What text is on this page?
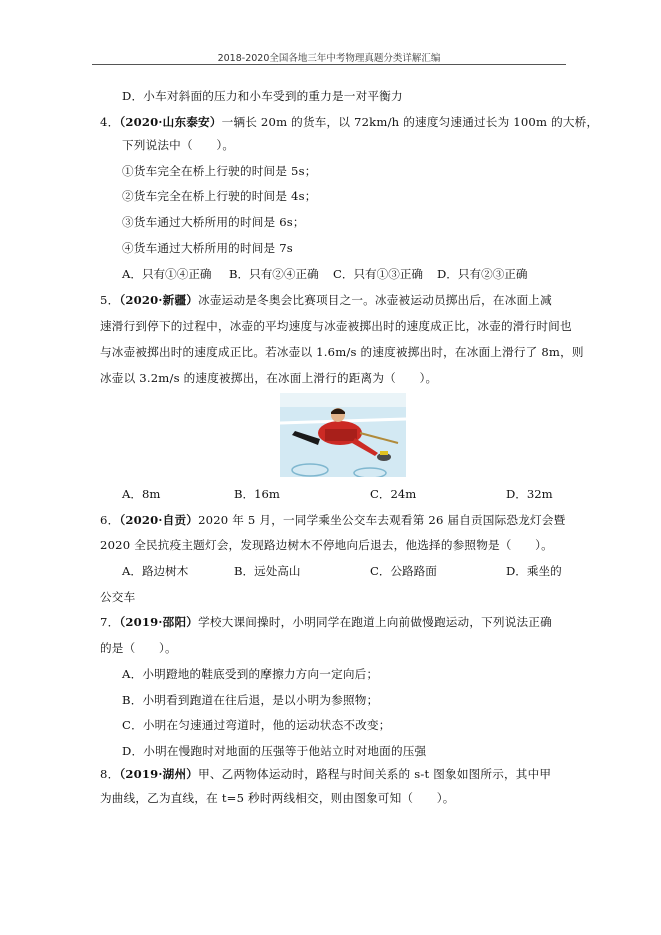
2018-2020全国各地三年中考物理真题分类详解汇编
D．小车对斜面的压力和小车受到的重力是一对平衡力
4．（2020·山东泰安）一辆长 20m 的货车，以 72km/h 的速度匀速通过长为 100m 的大桥，
下列说法中（　　）。
①货车完全在桥上行驶的时间是 5s；
②货车完全在桥上行驶的时间是 4s；
③货车通过大桥所用的时间是 6s；
④货车通过大桥所用的时间是 7s
A．只有①④正确 B．只有②④正确 C．只有①③正确 D．只有②③正确
5．（2020·新疆）冰壶运动是冬奥会比赛项目之一。冰壶被运动员掷出后，在冰面上减
速滑行到停下的过程中，冰壶的平均速度与冰壶被掷出时的速度成正比，冰壶的滑行时间也
与冰壶被掷出时的速度成正比。若冰壶以 1.6m/s 的速度被掷出时，在冰面上滑行了 8m，则
冰壶以 3.2m/s 的速度被掷出，在冰面上滑行的距离为（　　）。
A．8m	B．16m	C．24m	D．32m
6．（2020·自贡）2020 年 5 月，一同学乘坐公交车去观看第 26 届自贡国际恐龙灯会暨
2020 全民抗疫主题灯会，发现路边树木不停地向后退去，他选择的参照物是（　　）。
A．路边树木	B．远处高山	C．公路路面	D．乘坐的
公交车
7．（2019·邵阳）学校大课间操时，小明同学在跑道上向前做慢跑运动，下列说法正确
的是（　　）。
A．小明蹬地的鞋底受到的摩擦力方向一定向后；
B．小明看到跑道在往后退，是以小明为参照物；
C．小明在匀速通过弯道时，他的运动状态不改变；
D．小明在慢跑时对地面的压强等于他站立时对地面的压强
8．（2019·湖州）甲、乙两物体运动时，路程与时间关系的 s-t 图象如图所示，其中甲
为曲线，乙为直线，在 t=5 秒时两线相交，则由图象可知（　　）。
